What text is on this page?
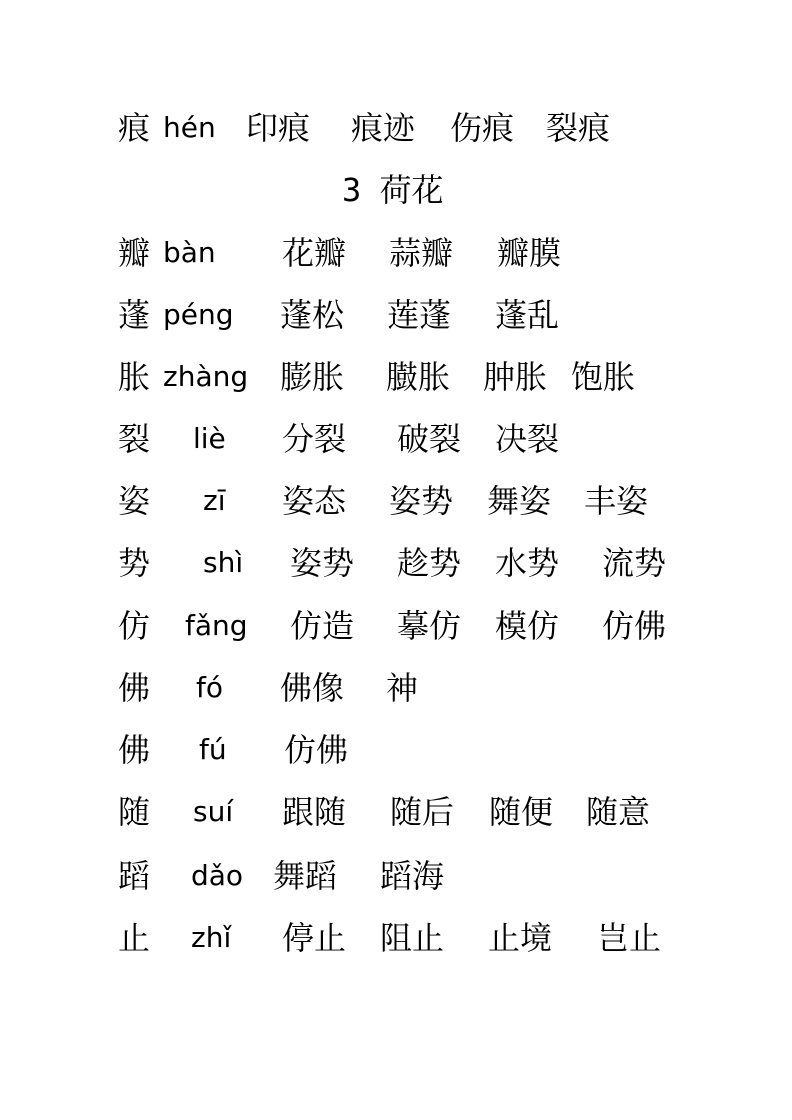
痕 hén 印痕 痕迹 伤痕 裂痕
3 荷花
瓣 bàn 花瓣 蒜瓣 瓣膜
蓬 péng 蓬松 莲蓬 蓬乱
胀 zhàng 膨胀 臌胀 肿胀 饱胀
裂 liè 分裂 破裂 决裂
姿 zī 姿态 姿势 舞姿 丰姿
势 shì 姿势 趁势 水势 流势
仿 fǎng 仿造 摹仿 模仿 仿佛
佛 fó 佛像 神
佛 fú 仿佛
随 suí 跟随 随后 随便 随意
蹈 dǎo 舞蹈 蹈海
止 zhǐ 停止 阻止 止境 岂止
